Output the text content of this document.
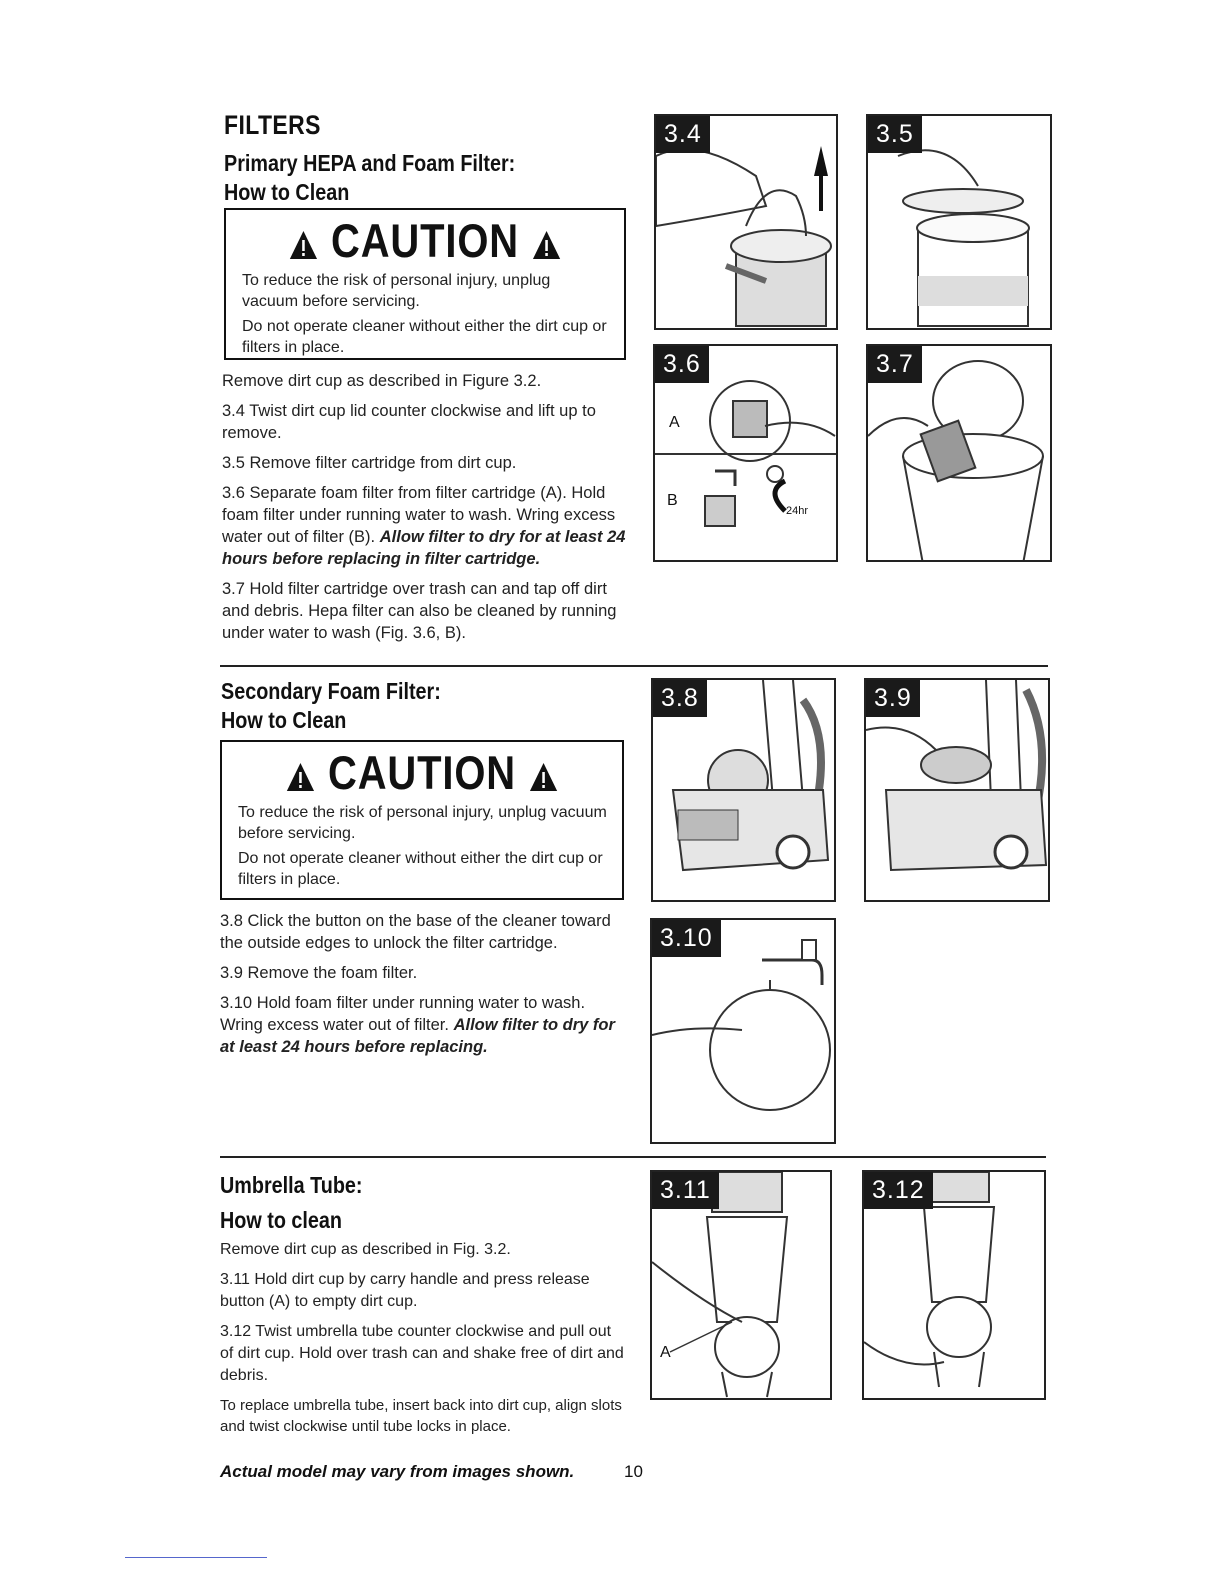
FILTERS
Primary HEPA and Foam Filter:
How to Clean
CAUTION

To reduce the risk of personal injury, unplug vacuum before servicing.

Do not operate cleaner without either the dirt cup or filters in place.

Remove dirt cup as described in Figure 3.2.

3.4 Twist dirt cup lid counter clockwise and lift up to remove.

3.5 Remove filter cartridge from dirt cup.

3.6 Separate foam filter from filter cartridge (A). Hold foam filter under running water to wash. Wring excess water out of filter (B). Allow filter to dry for at least 24 hours before replacing in filter cartridge.

3.7 Hold filter cartridge over trash can and tap off dirt and debris. Hepa filter can also be cleaned by running under water to wash (Fig. 3.6, B).

3.4	3.5
3.6
A
B
24hr
3.7
Secondary Foam Filter:
How to Clean
CAUTION

To reduce the risk of personal injury, unplug vacuum before servicing.

Do not operate cleaner without either the dirt cup or filters in place.

3.8 Click the button on the base of the cleaner toward the outside edges to unlock the filter cartridge.

3.9 Remove the foam filter.

3.10 Hold foam filter under running water to wash. Wring excess water out of filter. Allow filter to dry for at least 24 hours before replacing.

3.8	3.9
3.10
Umbrella Tube:
How to clean

Remove dirt cup as described in Fig. 3.2.

3.11 Hold dirt cup by carry handle and press release button (A) to empty dirt cup.

3.12 Twist umbrella tube counter clockwise and pull out of dirt cup. Hold over trash can and shake free of dirt and debris.

To replace umbrella tube, insert back into dirt cup, align slots and twist clockwise until tube locks in place.

3.11
A
3.12
Actual model may vary from images shown.	10
